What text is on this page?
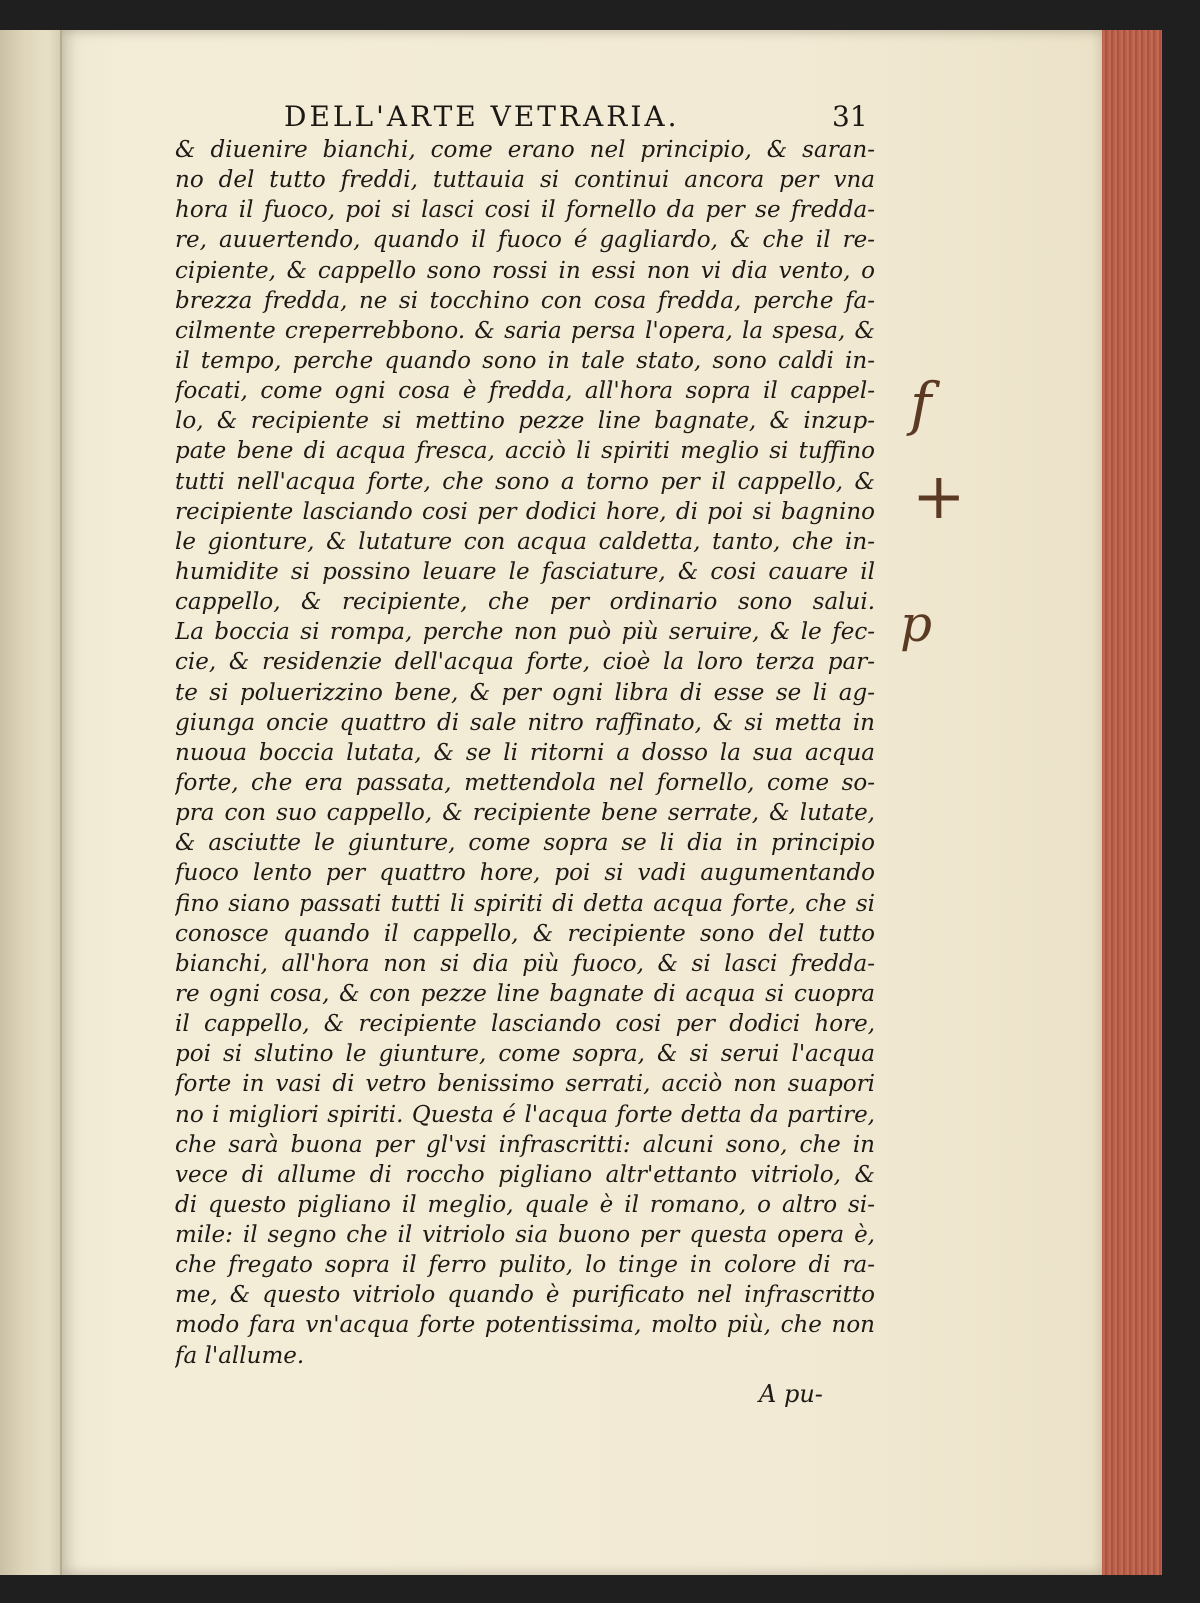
DELL'ARTE VETRARIA.	31
& diuenire bianchi, come erano nel principio, & saran-
no del tutto freddi, tuttauia si continui ancora per vna
hora il fuoco, poi si lasci cosi il fornello da per se fredda-
re, auuertendo, quando il fuoco é gagliardo, & che il re-
cipiente, & cappello sono rossi in essi non vi dia vento, o
brezza fredda, ne si tocchino con cosa fredda, perche fa-
cilmente creperrebbono. & saria persa l'opera, la spesa, &
il tempo, perche quando sono in tale stato, sono caldi in-
focati, come ogni cosa è fredda, all'hora sopra il cappel-
lo, & recipiente si mettino pezze line bagnate, & inzup-
pate bene di acqua fresca, acciò li spiriti meglio si tuffino
tutti nell'acqua forte, che sono a torno per il cappello, &
recipiente lasciando cosi per dodici hore, di poi si bagnino
le gionture, & lutature con acqua caldetta, tanto, che in-
humidite si possino leuare le fasciature, & cosi cauare il
cappello, & recipiente, che per ordinario sono salui.
La boccia si rompa, perche non può più seruire, & le fec-
cie, & residenzie dell'acqua forte, cioè la loro terza par-
te si poluerizzino bene, & per ogni libra di esse se li ag-
giunga oncie quattro di sale nitro raffinato, & si metta in
nuoua boccia lutata, & se li ritorni a dosso la sua acqua
forte, che era passata, mettendola nel fornello, come so-
pra con suo cappello, & recipiente bene serrate, & lutate,
& asciutte le giunture, come sopra se li dia in principio
fuoco lento per quattro hore, poi si vadi augumentando
fino siano passati tutti li spiriti di detta acqua forte, che si
conosce quando il cappello, & recipiente sono del tutto
bianchi, all'hora non si dia più fuoco, & si lasci fredda-
re ogni cosa, & con pezze line bagnate di acqua si cuopra
il cappello, & recipiente lasciando cosi per dodici hore,
poi si slutino le giunture, come sopra, & si serui l'acqua
forte in vasi di vetro benissimo serrati, acciò non suapori
no i migliori spiriti. Questa é l'acqua forte detta da partire,
che sarà buona per gl'vsi infrascritti: alcuni sono, che in
vece di allume di roccho pigliano altr'ettanto vitriolo, &
di questo pigliano il meglio, quale è il romano, o altro si-
mile: il segno che il vitriolo sia buono per questa opera è,
che fregato sopra il ferro pulito, lo tinge in colore di ra-
me, & questo vitriolo quando è purificato nel infrascritto
modo fara vn'acqua forte potentissima, molto più, che non
fa l'allume.
A pu-
f
+
p
